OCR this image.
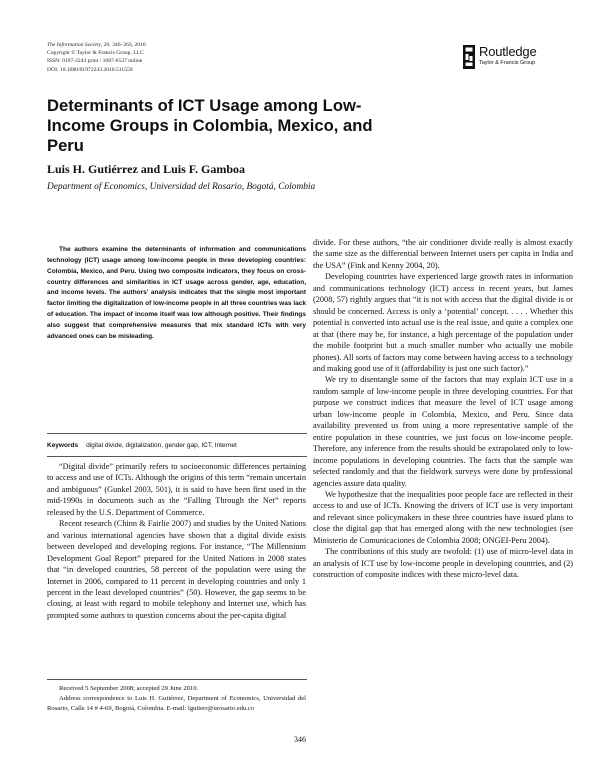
The Information Society, 26: 346–363, 2010
Copyright © Taylor & Francis Group, LLC
ISSN: 0197-2243 print / 1087-6537 online
DOI: 10.1080/01972243.2010.511559
Routledge
Taylor & Francis Group
Determinants of ICT Usage among Low-Income Groups in Colombia, Mexico, and Peru
Luis H. Gutiérrez and Luis F. Gamboa
Department of Economics, Universidad del Rosario, Bogotá, Colombia

The authors examine the determinants of information and communications technology (ICT) usage among low-income people in three developing countries: Colombia, Mexico, and Peru. Using two composite indicators, they focus on cross-country differences and similarities in ICT usage across gender, age, education, and income levels. The authors' analysis indicates that the single most important factor limiting the digitalization of low-income people in all three countries was lack of education. The impact of income itself was low although positive. Their findings also suggest that comprehensive measures that mix standard ICTs with very advanced ones can be misleading.

Keywords digital divide, digitalization, gender gap, ICT, Internet

“Digital divide” primarily refers to socioeconomic differences pertaining to access and use of ICTs. Although the origins of this term “remain uncertain and ambiguous” (Gunkel 2003, 501), it is said to have been first used in the mid-1990s in documents such as the “Falling Through the Net” reports released by the U.S. Department of Commerce.

Recent research (Chinn & Fairlie 2007) and studies by the United Nations and various international agencies have shown that a digital divide exists between developed and developing regions. For instance, “The Millennium Development Goal Report” prepared for the United Nations in 2008 states that “in developed countries, 58 percent of the population were using the Internet in 2006, compared to 11 percent in developing countries and only 1 percent in the least developed countries” (50). However, the gap seems to be closing, at least with regard to mobile telephony and Internet use, which has prompted some authors to question concerns about the per-capita digital

divide. For these authors, “the air conditioner divide really is almost exactly the same size as the differential between Internet users per capita in India and the USA” (Fink and Kenny 2004, 20).

Developing countries have experienced large growth rates in information and communications technology (ICT) access in recent years, but James (2008, 57) rightly argues that “it is not with access that the digital divide is or should be concerned. Access is only a ‘potential’ concept. . . . . Whether this potential is converted into actual use is the real issue, and quite a complex one at that (there may be, for instance, a high percentage of the population under the mobile footprint but a much smaller number who actually use mobile phones). All sorts of factors may come between having access to a technology and making good use of it (affordability is just one such factor).”

We try to disentangle some of the factors that may explain ICT use in a random sample of low-income people in three developing countries. For that purpose we construct indices that measure the level of ICT usage among urban low-income people in Colombia, Mexico, and Peru. Since data availability prevented us from using a more representative sample of the entire population in these countries, we just focus on low-income people. Therefore, any inference from the results should be extrapolated only to low-income populations in developing countries. The facts that the sample was selected randomly and that the fieldwork surveys were done by professional agencies assure data quality.

We hypothesize that the inequalities poor people face are reflected in their access to and use of ICTs. Knowing the drivers of ICT use is very important and relevant since policymakers in these three countries have issued plans to close the digital gap that has emerged along with the new technologies (see Ministerio de Comunicaciones de Colombia 2008; ONGEI-Peru 2004).

The contributions of this study are twofold: (1) use of micro-level data in an analysis of ICT use by low-income people in developing countries, and (2) construction of composite indices with these micro-level data.

Received 5 September 2008; accepted 29 June 2010.

Address correspondence to Luis H. Gutiérrez, Department of Economics, Universidad del Rosario, Calle 14 # 4-69, Bogotá, Colombia. E-mail: lgutierr@urosario.edu.co

346
